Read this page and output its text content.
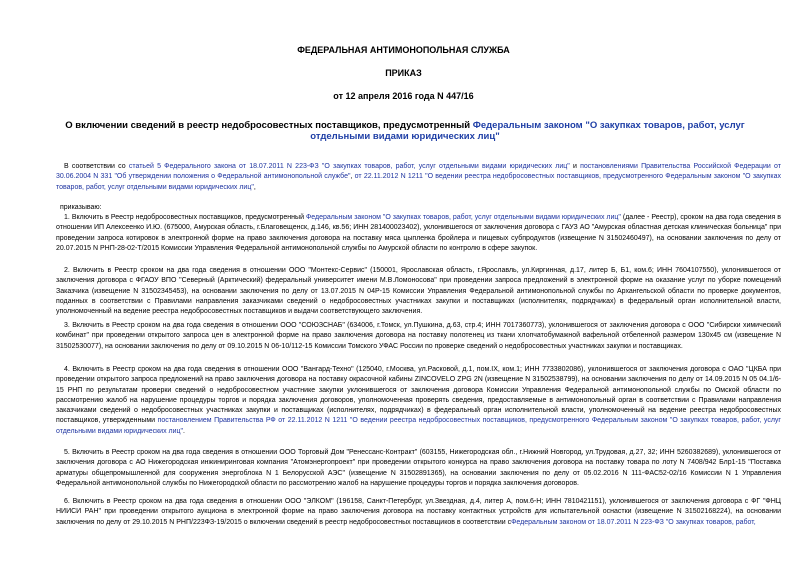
ФЕДЕРАЛЬНАЯ АНТИМОНОПОЛЬНАЯ СЛУЖБА
ПРИКАЗ
от 12 апреля 2016 года N 447/16
О включении сведений в реестр недобросовестных поставщиков, предусмотренный Федеральным законом "О закупках товаров, работ, услуг отдельными видами юридических лиц"
В соответствии со статьей 5 Федерального закона от 18.07.2011 N 223-ФЗ "О закупках товаров, работ, услуг отдельными видами юридических лиц" и постановлениями Правительства Российской Федерации от 30.06.2004 N 331 "Об утверждении положения о Федеральной антимонопольной службе", от 22.11.2012 N 1211 "О ведении реестра недобросовестных поставщиков, предусмотренного Федеральным законом "О закупках товаров, работ, услуг отдельными видами юридических лиц",
приказываю:
1. Включить в Реестр недобросовестных поставщиков, предусмотренный Федеральным законом "О закупках товаров, работ, услуг отдельными видами юридических лиц" (далее - Реестр), сроком на два года сведения в отношении ИП Алексеенко И.Ю. (675000, Амурская область, г.Благовещенск, д.146, кв.56; ИНН 281400023402), уклонившегося от заключения договора с ГАУЗ АО "Амурская областная детская клиническая больница" при проведении запроса котировок в электронной форме на право заключения договора на поставку мяса цыпленка бройлера и пищевых субпродуктов (извещение N 31502460497), на основании заключения по делу от 20.07.2015 N РНП-28-02-Т/2015 Комиссии Управления Федеральной антимонопольной службы по Амурской области по контролю в сфере закупок.
2. Включить в Реестр сроком на два года сведения в отношении ООО "Монтекс-Сервис" (150001, Ярославская область, г.Ярославль, ул.Киргинная, д.17, литер Б, Б1, ком.6; ИНН 7604107550), уклонившегося от заключения договора с ФГАОУ ВПО "Северный (Арктический) федеральный университет имени М.В.Ломоносова" при проведении запроса предложений в электронной форме на оказание услуг по уборке помещений Заказчика (извещение N 31502345453), на основании заключения по делу от 13.07.2015 N 04Р-15 Комиссии Управления Федеральной антимонопольной службы по Архангельской области по проверке документов, поданных в соответствии с Правилами направления заказчиками сведений о недобросовестных участниках закупки и поставщиках (исполнителях, подрядчиках) в федеральный орган исполнительной власти, уполномоченный на ведение реестра недобросовестных поставщиков и выдачи соответствующего заключения.
3. Включить в Реестр сроком на два года сведения в отношении ООО "СОЮЗСНАБ" (634006, г.Томск, ул.Пушкина, д.63, стр.4; ИНН 7017360773), уклонившегося от заключения договора с ООО "Сибирски химический комбинат" при проведении открытого запроса цен в электронной форме на право заключения договора на поставку полотенец из ткани хлопчатобумажной вафельной отбеленной размером 130х45 см (извещение N 31502530077), на основании заключения по делу от 09.10.2015 N 06-10/112-15 Комиссии Томского УФАС России по проверке сведений о недобросовестных участниках закупки и поставщиках.
4. Включить в Реестр сроком на два года сведения в отношении ООО "Вангард-Техно" (125040, г.Москва, ул.Расковой, д.1, пом.IX, ком.1; ИНН 7733802086), уклонившегося от заключения договора с ОАО "ЦКБА при проведении открытого запроса предложений на право заключения договора на поставку окрасочной кабины ZINCOVELO ZPG 2N (извещение N 31502538799), на основании заключения по делу от 14.09.2015 N 05 04.1/6-15 РНП по результатам проверки сведений о недобросовестном участнике закупки уклонившегося от заключения договора Комиссии Управления Федеральной антимонопольной службы по Омской области по рассмотрению жалоб на нарушение процедуры торгов и порядка заключения договоров, уполномоченная проверять сведения, предоставляемые в антимонопольный орган в соответствии с Правилами направления заказчиками сведений о недобросовестных участниках закупки и поставщиках (исполнителях, подрядчиках) в федеральный орган исполнительной власти, уполномоченный на ведение реестра недобросовестных поставщиков, утвержденными постановлением Правительства РФ от 22.11.2012 N 1211 "О ведении реестра недобросовестных поставщиков, предусмотренного Федеральным законом "О закупках товаров, работ, услуг отдельными видами юридических лиц".
5. Включить в Реестр сроком на два года сведения в отношении ООО Торговый Дом "Ренессанс-Контракт" (603155, Нижегородская обл., г.Нижний Новгород, ул.Трудовая, д.27, 32; ИНН 5260382689), уклонившегося от заключения договора с АО Нижегородская инжиниринговая компания "Атомэнергопроект" при проведении открытого конкурса на право заключения договора на поставку товара по лоту N 7408/942 Блр1-15 "Поставка арматуры общепромышленной для сооружения энергоблока N 1 Белорусской АЭС" (извещение N 31502891365), на основании заключения по делу от 05.02.2016 N 111-ФАС52-02/16 Комиссии N 1 Управления Федеральной антимонопольной службы по Нижегородской области по рассмотрению жалоб на нарушение процедуры торгов и порядка заключения договоров.
6. Включить в Реестр сроком на два года сведения в отношении ООО "ЭЛКОМ" (196158, Санкт-Петербург, ул.Звездная, д.4, литер А, пом.6-Н; ИНН 7810421151), уклонившегося от заключения договора с ФГ "ФНЦ НИИСИ РАН" при проведении открытого аукциона в электронной форме на право заключения договора на поставку контактных устройств для испытательной оснастки (извещение N 31502168224), на основании заключения по делу от 29.10.2015 N РНП/223ФЗ-19/2015 о включении сведений в реестр недобросовестных поставщиков в соответствии сФедеральным законом от 18.07.2011 N 223-ФЗ "О закупках товаров, работ,
